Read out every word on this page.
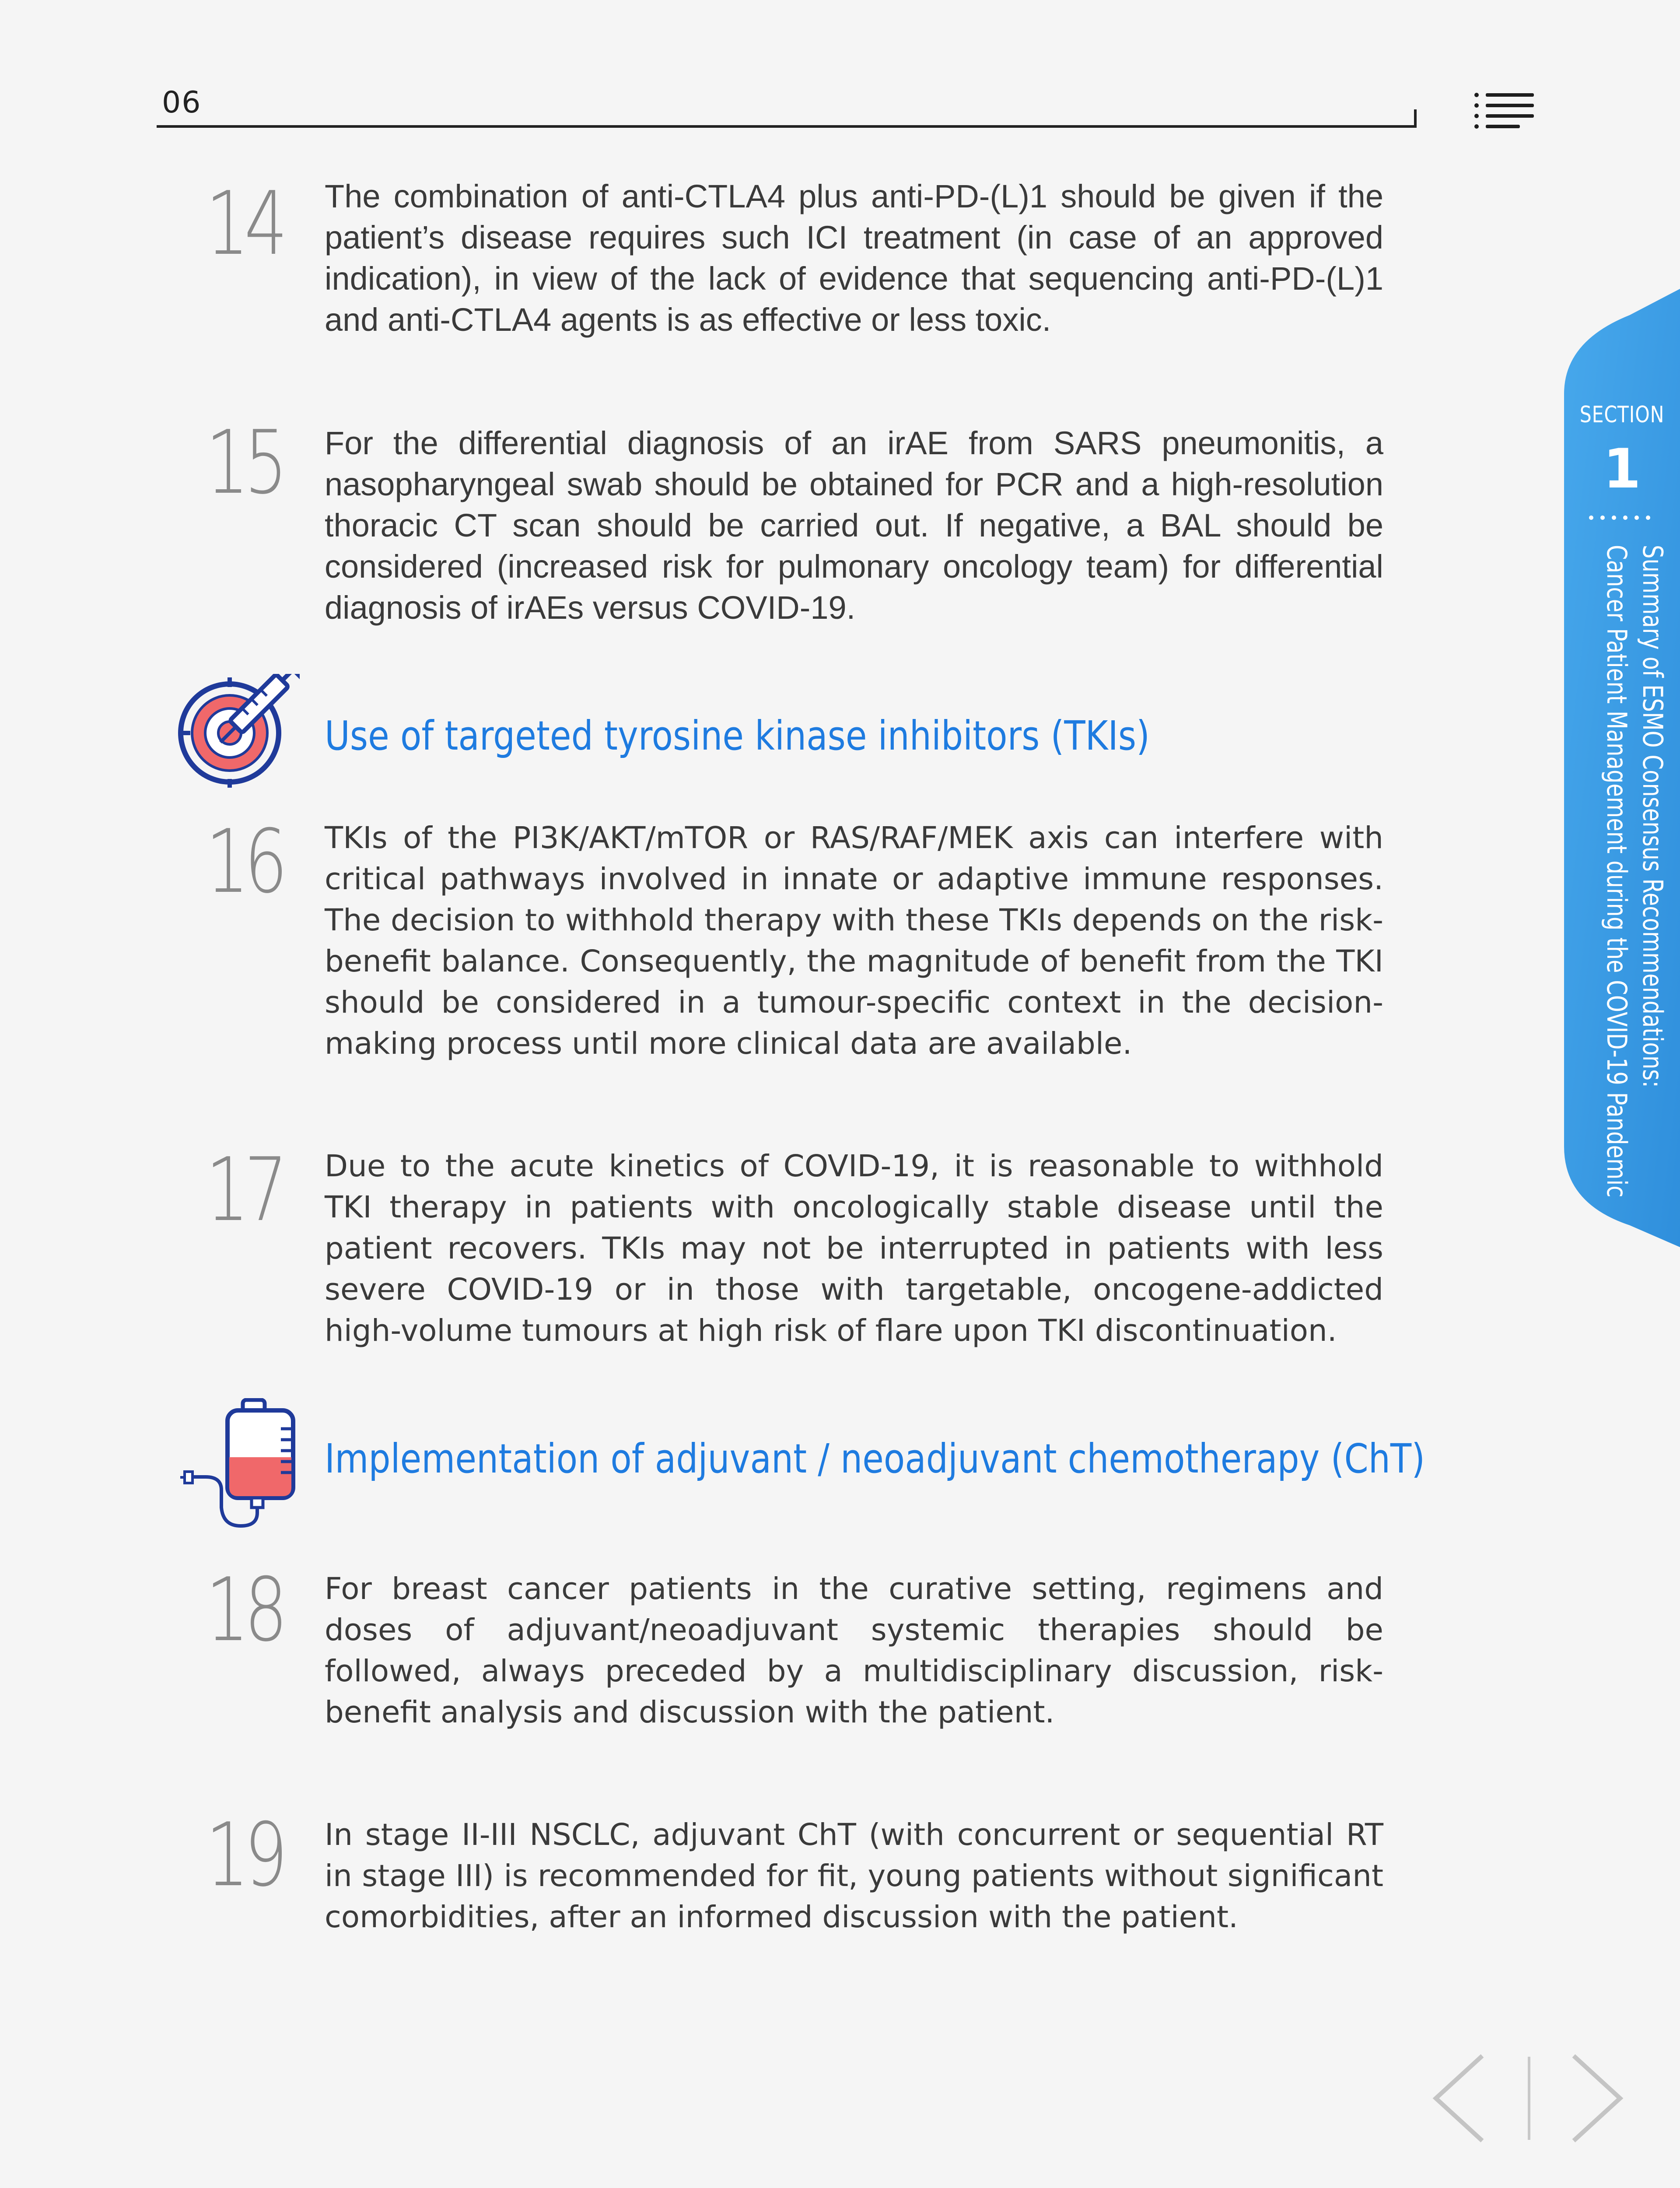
06
14 The combination of anti-CTLA4 plus anti-PD-(L)1 should be given if the patient’s disease requires such ICI treatment (in case of an approved indication), in view of the lack of evidence that sequencing anti-PD-(L)1 and anti-CTLA4 agents is as effective or less toxic.
15 For the differential diagnosis of an irAE from SARS pneumonitis, a nasopharyngeal swab should be obtained for PCR and a high-resolution thoracic CT scan should be carried out. If negative, a BAL should be considered (increased risk for pulmonary oncology team) for differential diagnosis of irAEs versus COVID-19.
Use of targeted tyrosine kinase inhibitors (TKIs)
16 TKIs of the PI3K/AKT/mTOR or RAS/RAF/MEK axis can interfere with critical pathways involved in innate or adaptive immune responses. The decision to withhold therapy with these TKIs depends on the risk-benefit balance. Consequently, the magnitude of benefit from the TKI should be considered in a tumour-specific context in the decision-making process until more clinical data are available.
17 Due to the acute kinetics of COVID-19, it is reasonable to withhold TKI therapy in patients with oncologically stable disease until the patient recovers. TKIs may not be interrupted in patients with less severe COVID-19 or in those with targetable, oncogene-addicted high-volume tumours at high risk of flare upon TKI discontinuation.
Implementation of adjuvant / neoadjuvant chemotherapy (ChT)
18 For breast cancer patients in the curative setting, regimens and doses of adjuvant/neoadjuvant systemic therapies should be followed, always preceded by a multidisciplinary discussion, risk-benefit analysis and discussion with the patient.
19 In stage II-III NSCLC, adjuvant ChT (with concurrent or sequential RT in stage III) is recommended for fit, young patients without significant comorbidities, after an informed discussion with the patient.
SECTION
1
Summary of ESMO Consensus Recommendations:
Cancer Patient Management during the COVID-19 Pandemic
